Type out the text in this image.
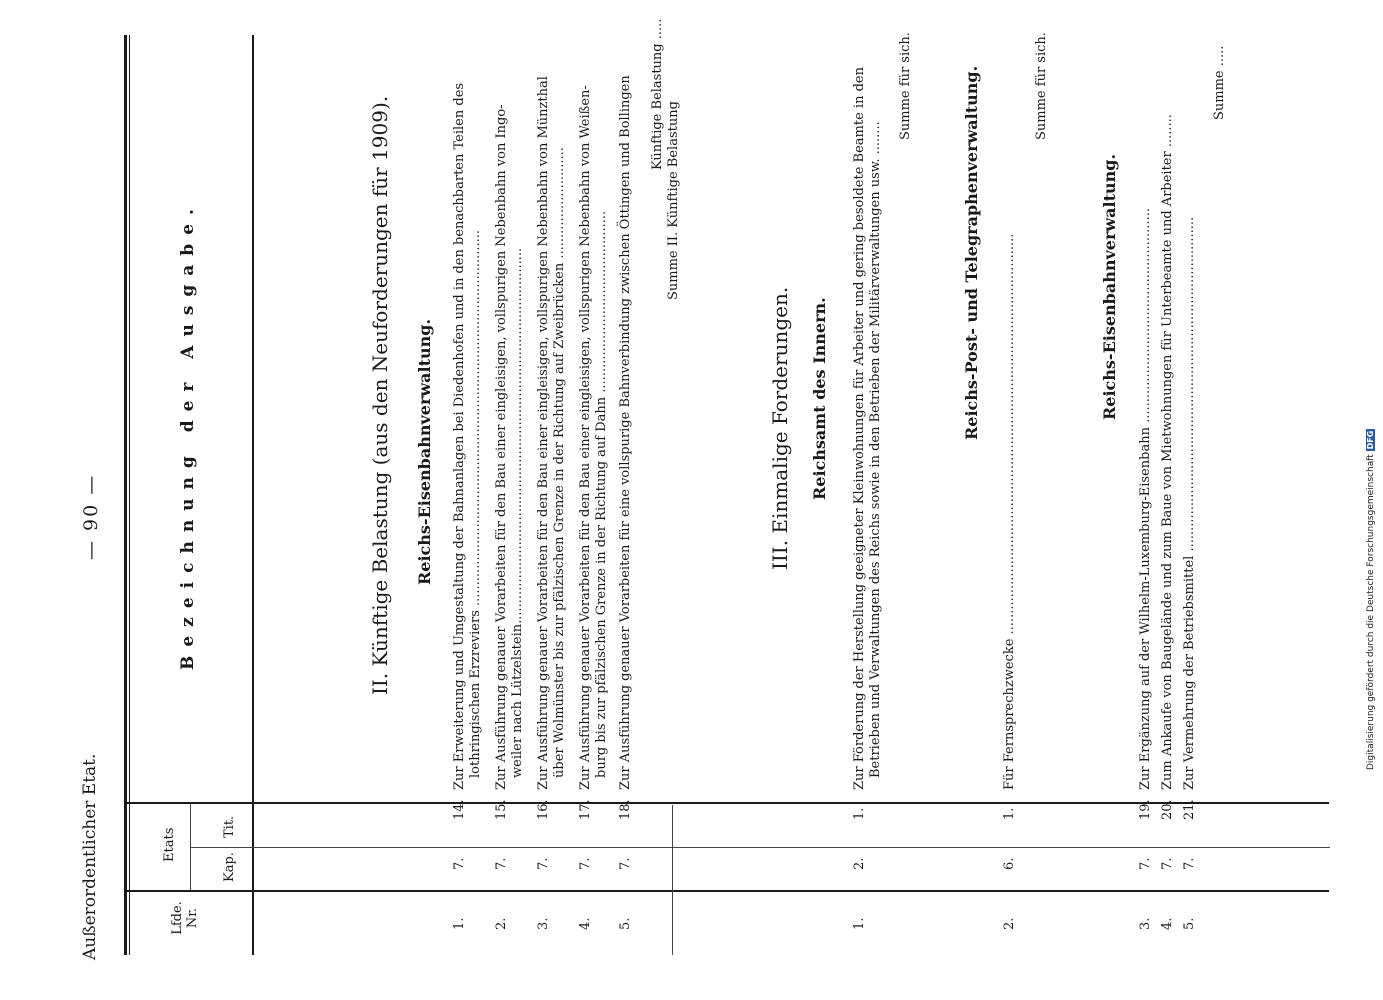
Außerordentlicher Etat.
— 90 —
Lfde. Nr.
Etats
Kap.
Tit.
Bezeichnung der Ausgabe.	II. Künftige Belastung (aus den Neuforderungen für 1909). Reichs-Eisenbahnverwaltung.
1.
7.
14.
Zur Erweiterung und Umgestaltung der Bahnanlagen bei Diedenhofen und in den benachbarten Teilen des lothringischen Erzreviers ...........................................................................................
2.
7.
15.
Zur Ausführung genauer Vorarbeiten für den Bau einer eingleisigen, vollspurigen Nebenbahn von Ingo- weiler nach Lützelstein...........................................................................................
3.
7.
16.
Zur Ausführung genauer Vorarbeiten für den Bau einer eingleisigen, vollspurigen Nebenbahn von Münzthal über Wolmünster bis zur pfälzischen Grenze in der Richtung auf Zweibrücken ...........................
4.
7.
17.
Zur Ausführung genauer Vorarbeiten für den Bau einer eingleisigen, vollspurigen Nebenbahn von Weißen- burg bis zur pfälzischen Grenze in der Richtung auf Dahn ............................................
5.
7.
18.
Zur Ausführung genauer Vorarbeiten für eine vollspurige Bahnverbindung zwischen Öttingen und Bollingen Künftige Belastung .....
Summe II. Künftige Belastung
III. Einmalige Forderungen. Reichsamt des Innern.
1.
2.
1.
Zur Förderung der Herstellung geeigneter Kleinwohnungen für Arbeiter und gering besoldete Beamte in den Betrieben und Verwaltungen des Reichs sowie in den Betrieben der Militärverwaltungen usw. ........
Summe für sich.	Reichs-Post- und Telegraphenverwaltung.
2.
6.
1.
Für Fernsprechzwecke .................................................................................................
Summe für sich.
Reichs-Eisenbahnverwaltung.
3.
7.
19.
Zur Ergänzung auf der Wilhelm-Luxemburg-Eisenbahn ....................................................
4.
7.
20.
Zum Ankaufe von Baugelände und zum Baue von Mietwohnungen für Unterbeamte und Arbeiter ........
5.
7.
21.
Zur Vermehrung der Betriebsmittel .................................................................................
Summe .....
Digitalisierung gefördert durch die Deutsche Forschungsgemeinschaft DFG
